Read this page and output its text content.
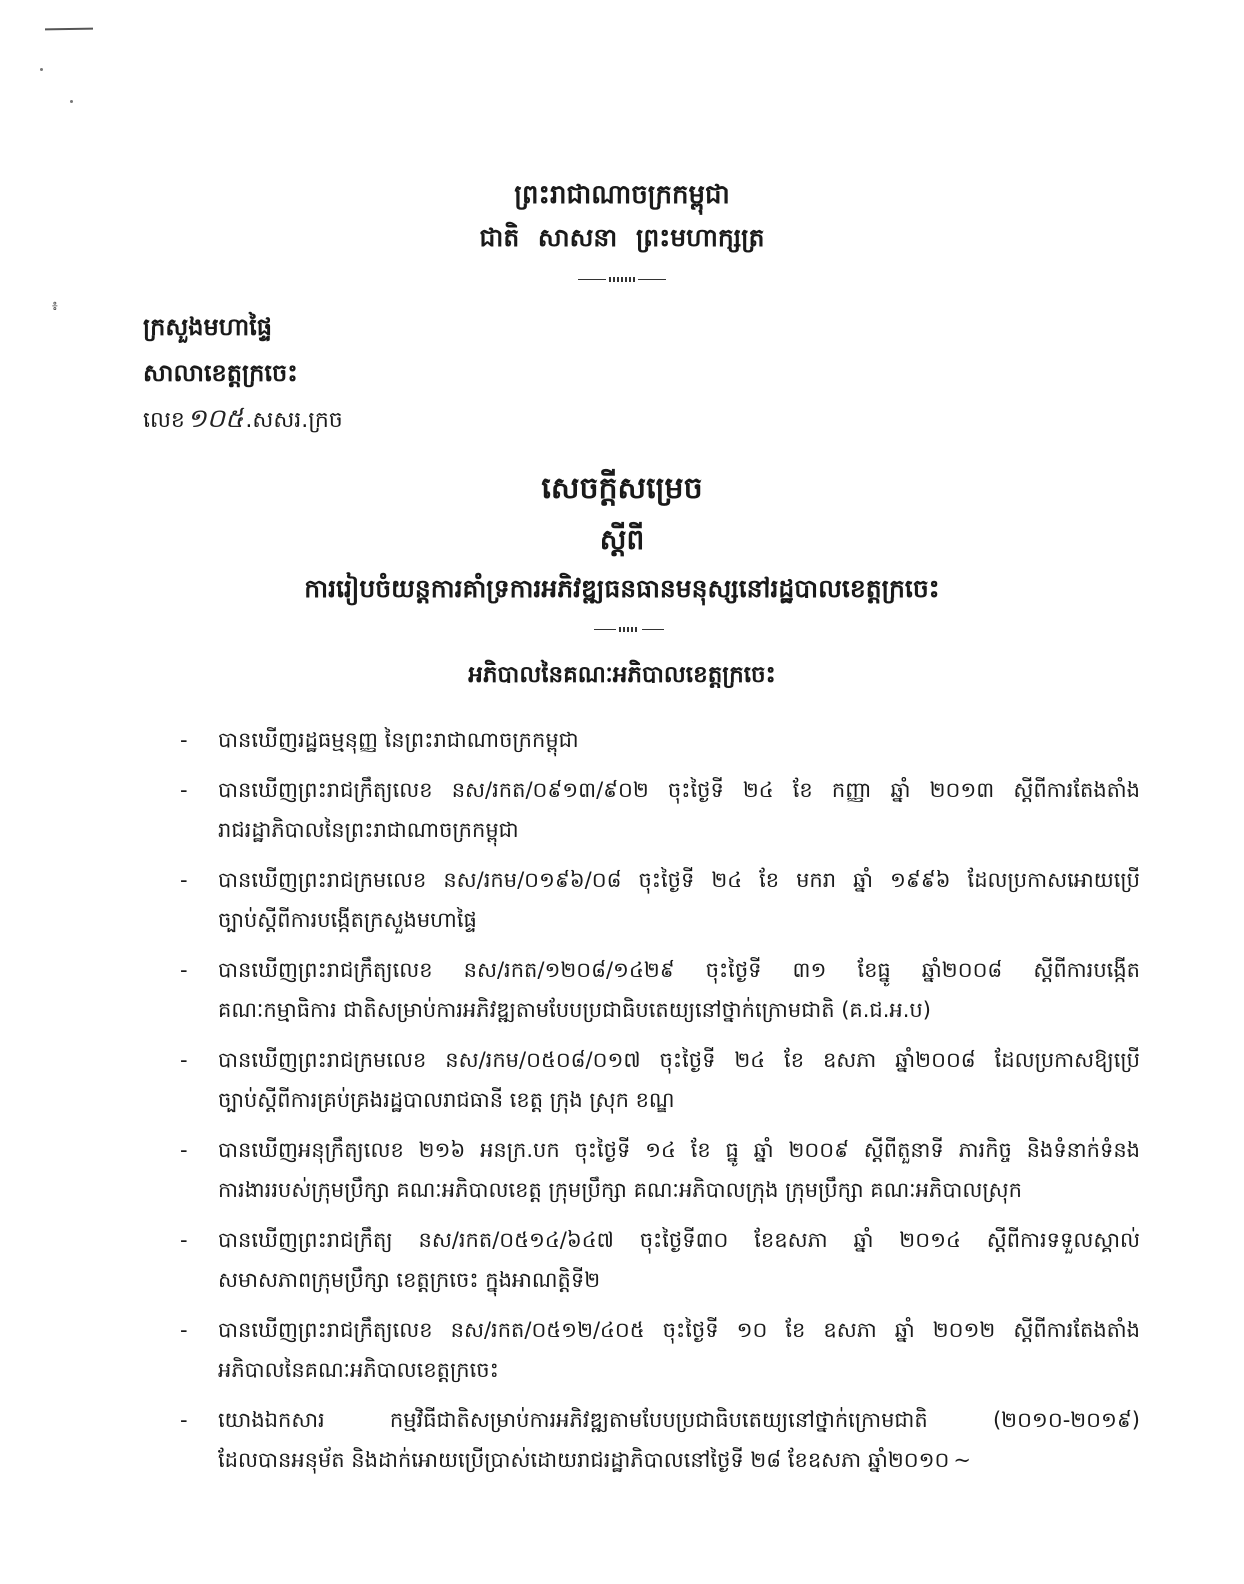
៖
ព្រះរាជាណាចក្រកម្ពុជា
ជាតិ សាសនា ព្រះមហាក្សត្រ
ក្រសួងមហាផ្ទៃ
សាលាខេត្តក្រចេះ
លេខ ១០៥ .សសរ.ក្រច
សេចក្ដីសម្រេច
ស្ដីពី
ការរៀបចំយន្តការគាំទ្រការអភិវឌ្ឍធនធានមនុស្សនៅរដ្ឋបាលខេត្តក្រចេះ
អភិបាលនៃគណៈអភិបាលខេត្តក្រចេះ
-	បានឃើញរដ្ឋធម្មនុញ្ញ នៃព្រះរាជាណាចក្រកម្ពុជា
-	បានឃើញព្រះរាជក្រឹត្យលេខ នស/រកត/០៩១៣/៩០២ ចុះថ្ងៃទី ២៤ ខែ កញ្ញា ឆ្នាំ ២០១៣ ស្ដីពីការតែងតាំង
រាជរដ្ឋាភិបាលនៃព្រះរាជាណាចក្រកម្ពុជា
-	បានឃើញព្រះរាជក្រមលេខ នស/រកម/០១៩៦/០៨ ចុះថ្ងៃទី ២៤ ខែ មករា ឆ្នាំ ១៩៩៦ ដែលប្រកាសអោយប្រើ
ច្បាប់ស្ដីពីការបង្កើតក្រសួងមហាផ្ទៃ
-	បានឃើញព្រះរាជក្រឹត្យលេខ នស/រកត/១២០៨/១៤២៩ ចុះថ្ងៃទី ៣១ ខែធ្នូ ឆ្នាំ២០០៨ ស្ដីពីការបង្កើត
គណៈកម្មាធិការ ជាតិសម្រាប់ការអភិវឌ្ឍតាមបែបប្រជាធិបតេយ្យនៅថ្នាក់ក្រោមជាតិ (គ.ជ.អ.ប)
-	បានឃើញព្រះរាជក្រមលេខ នស/រកម/០៥០៨/០១៧ ចុះថ្ងៃទី ២៤ ខែ ឧសភា ឆ្នាំ២០០៨ ដែលប្រកាសឱ្យប្រើ
ច្បាប់ស្ដីពីការគ្រប់គ្រងរដ្ឋបាលរាជធានី ខេត្ត ក្រុង ស្រុក ខណ្ឌ
-	បានឃើញអនុក្រឹត្យលេខ ២១៦ អនក្រ.បក ចុះថ្ងៃទី ១៤ ខែ ធ្នូ ឆ្នាំ ២០០៩ ស្ដីពីតួនាទី ភារកិច្ច និងទំនាក់ទំនង
ការងាររបស់ក្រុមប្រឹក្សា គណៈអភិបាលខេត្ត ក្រុមប្រឹក្សា គណៈអភិបាលក្រុង ក្រុមប្រឹក្សា គណៈអភិបាលស្រុក
-	បានឃើញព្រះរាជក្រឹត្យ នស/រកត/០៥១៤/៦៤៧ ចុះថ្ងៃទី៣០ ខែឧសភា ឆ្នាំ ២០១៤ ស្ដីពីការទទួលស្គាល់
សមាសភាពក្រុមប្រឹក្សា ខេត្តក្រចេះ ក្នុងអាណត្តិទី២
-	បានឃើញព្រះរាជក្រឹត្យលេខ នស/រកត/០៥១២/៤០៥ ចុះថ្ងៃទី ១០ ខែ ឧសភា ឆ្នាំ ២០១២ ស្ដីពីការតែងតាំង
អភិបាលនៃគណៈអភិបាលខេត្តក្រចេះ
-	យោងឯកសារ កម្មវិធីជាតិសម្រាប់ការអភិវឌ្ឍតាមបែបប្រជាធិបតេយ្យនៅថ្នាក់ក្រោមជាតិ (២០១០-២០១៩)
ដែលបានអនុម័ត និងដាក់អោយប្រើប្រាស់ដោយរាជរដ្ឋាភិបាលនៅថ្ងៃទី ២៨ ខែឧសភា ឆ្នាំ២០១០ ~
